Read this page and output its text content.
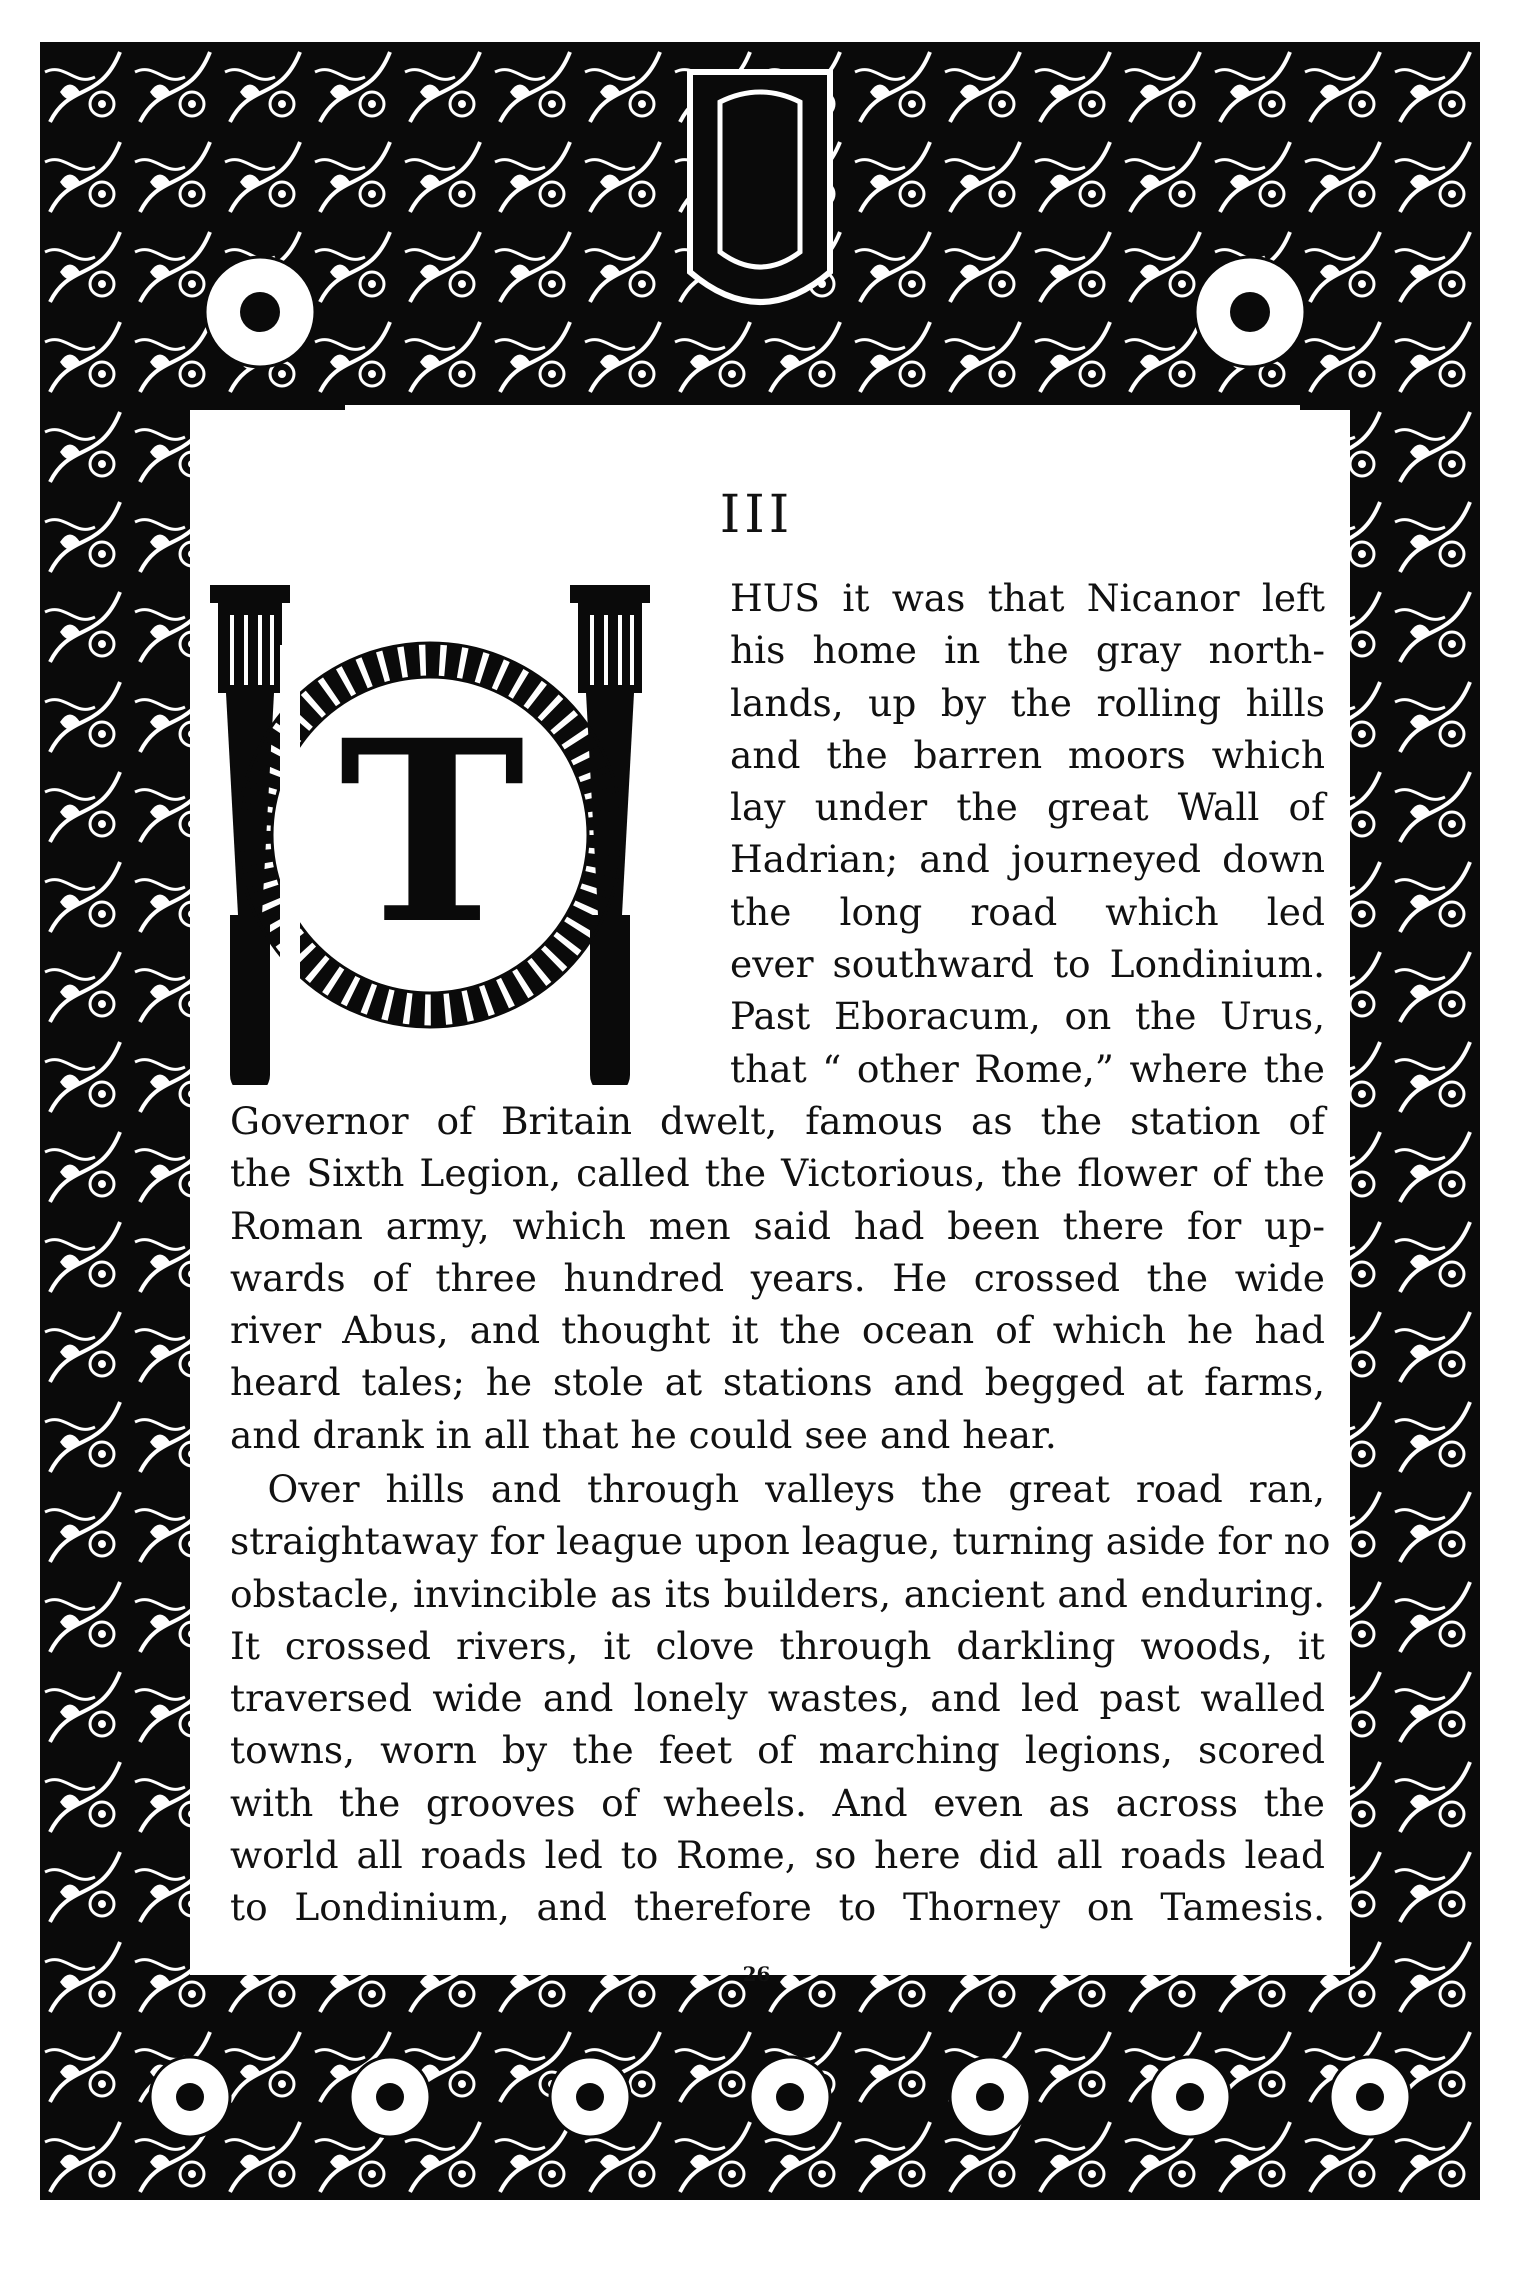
III
T

HUS it was that Nicanor left
his home in the gray north-
lands, up by the rolling hills
and the barren moors which
lay under the great Wall of
Hadrian; and journeyed down
the long road which led
ever southward to Londinium.
Past Eboracum, on the Urus,
that “ other Rome,” where the

Governor of Britain dwelt, famous as the station of
the Sixth Legion, called the Victorious, the flower of the
Roman army, which men said had been there for up-
wards of three hundred years. He crossed the wide
river Abus, and thought it the ocean of which he had
heard tales; he stole at stations and begged at farms,
and drank in all that he could see and hear.

 Over hills and through valleys the great road ran,
straightaway for league upon league, turning aside for no
obstacle, invincible as its builders, ancient and enduring.
It crossed rivers, it clove through darkling woods, it
traversed wide and lonely wastes, and led past walled
towns, worn by the feet of marching legions, scored
with the grooves of wheels. And even as across the
world all roads led to Rome, so here did all roads lead
to Londinium, and therefore to Thorney on Tamesis.

26
